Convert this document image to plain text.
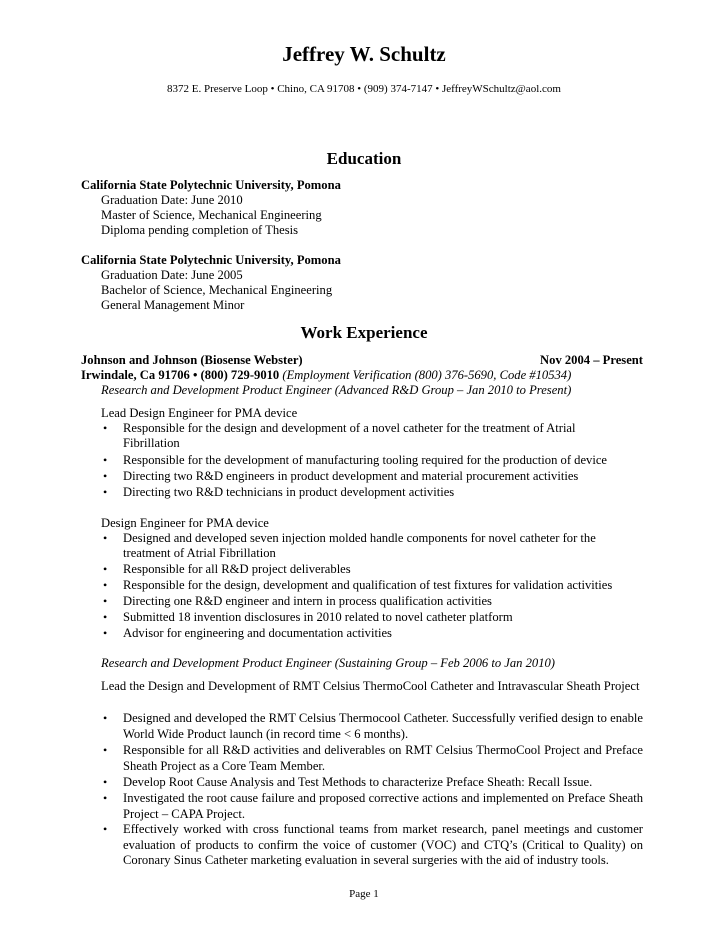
Jeffrey W. Schultz
8372 E. Preserve Loop • Chino, CA 91708 • (909) 374-7147 • JeffreyWSchultz@aol.com
Education
California State Polytechnic University, Pomona
Graduation Date: June 2010
Master of Science, Mechanical Engineering
Diploma pending completion of Thesis
California State Polytechnic University, Pomona
Graduation Date: June 2005
Bachelor of Science, Mechanical Engineering
General Management Minor
Work Experience
Johnson and Johnson (Biosense Webster)	Nov 2004 – Present
Irwindale, Ca 91706 • (800) 729-9010 (Employment Verification (800) 376-5690, Code #10534)
Research and Development Product Engineer (Advanced R&D Group – Jan 2010 to Present)
Lead Design Engineer for PMA device
• Responsible for the design and development of a novel catheter for the treatment of Atrial
Fibrillation
• Responsible for the development of manufacturing tooling required for the production of device
• Directing two R&D engineers in product development and material procurement activities
• Directing two R&D technicians in product development activities
Design Engineer for PMA device
• Designed and developed seven injection molded handle components for novel catheter for the
treatment of Atrial Fibrillation
• Responsible for all R&D project deliverables
• Responsible for the design, development and qualification of test fixtures for validation activities
• Directing one R&D engineer and intern in process qualification activities
• Submitted 18 invention disclosures in 2010 related to novel catheter platform
• Advisor for engineering and documentation activities
Research and Development Product Engineer (Sustaining Group – Feb 2006 to Jan 2010)
Lead the Design and Development of RMT Celsius ThermoCool Catheter and Intravascular Sheath Project
• Designed and developed the RMT Celsius Thermocool Catheter. Successfully verified design to enable World Wide Product launch (in record time < 6 months).
• Responsible for all R&D activities and deliverables on RMT Celsius ThermoCool Project and Preface Sheath Project as a Core Team Member.
• Develop Root Cause Analysis and Test Methods to characterize Preface Sheath: Recall Issue.
• Investigated the root cause failure and proposed corrective actions and implemented on Preface Sheath Project – CAPA Project.
• Effectively worked with cross functional teams from market research, panel meetings and customer evaluation of products to confirm the voice of customer (VOC) and CTQ’s (Critical to Quality) on Coronary Sinus Catheter marketing evaluation in several surgeries with the aid of industry tools.
Page 1
